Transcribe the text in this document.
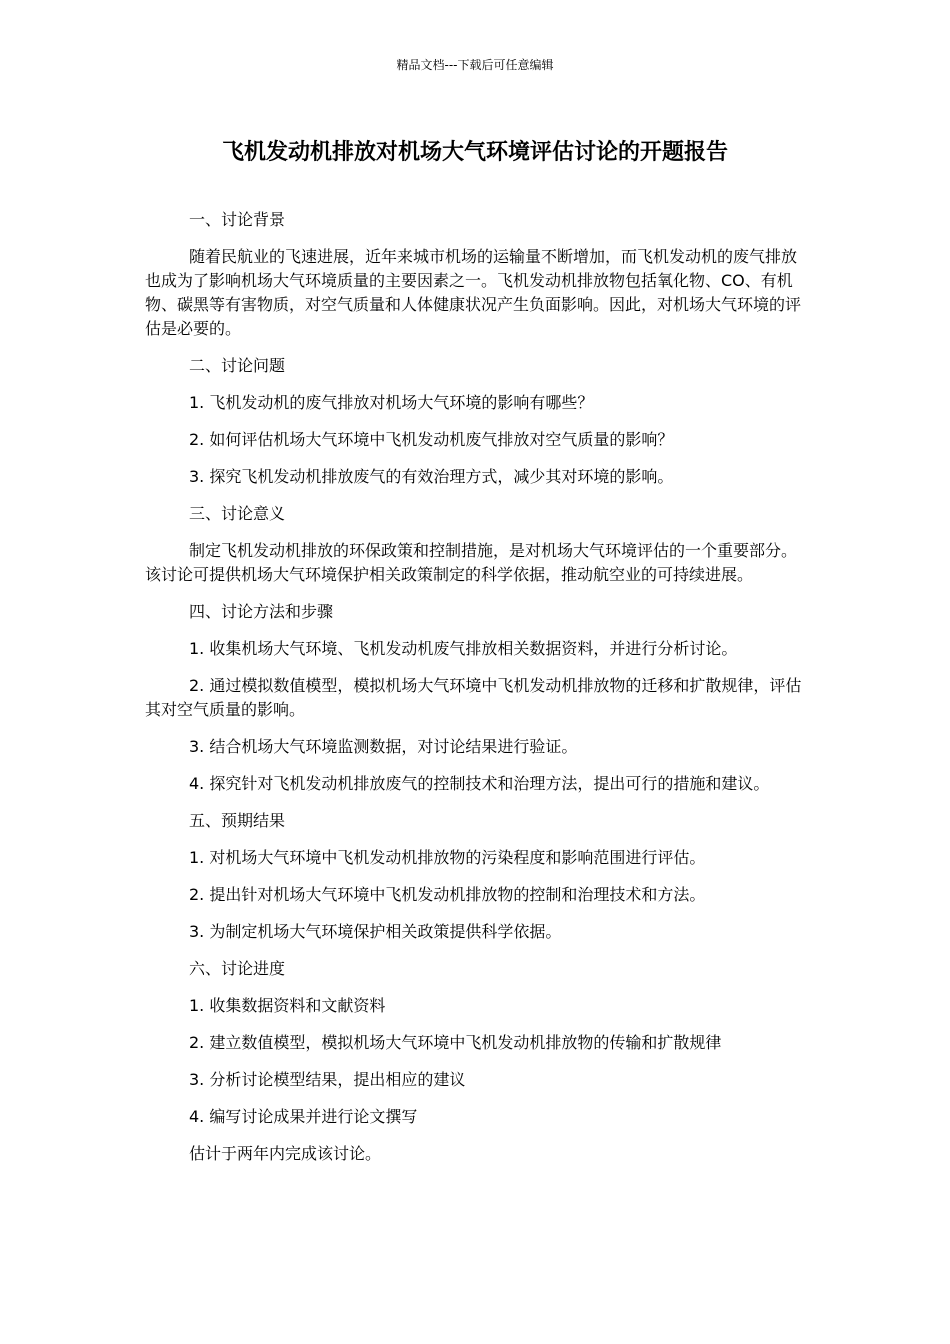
精品文档---下载后可任意编辑
飞机发动机排放对机场大气环境评估讨论的开题报告

一、讨论背景

随着民航业的飞速进展，近年来城市机场的运输量不断增加，而飞机发动机的废气排放也成为了影响机场大气环境质量的主要因素之一。飞机发动机排放物包括氧化物、CO、有机物、碳黑等有害物质，对空气质量和人体健康状况产生负面影响。因此，对机场大气环境的评估是必要的。

二、讨论问题

1. 飞机发动机的废气排放对机场大气环境的影响有哪些？

2. 如何评估机场大气环境中飞机发动机废气排放对空气质量的影响？

3. 探究飞机发动机排放废气的有效治理方式，减少其对环境的影响。

三、讨论意义

制定飞机发动机排放的环保政策和控制措施，是对机场大气环境评估的一个重要部分。该讨论可提供机场大气环境保护相关政策制定的科学依据，推动航空业的可持续进展。

四、讨论方法和步骤

1. 收集机场大气环境、飞机发动机废气排放相关数据资料，并进行分析讨论。

2. 通过模拟数值模型，模拟机场大气环境中飞机发动机排放物的迁移和扩散规律，评估其对空气质量的影响。

3. 结合机场大气环境监测数据，对讨论结果进行验证。

4. 探究针对飞机发动机排放废气的控制技术和治理方法，提出可行的措施和建议。

五、预期结果

1. 对机场大气环境中飞机发动机排放物的污染程度和影响范围进行评估。

2. 提出针对机场大气环境中飞机发动机排放物的控制和治理技术和方法。

3. 为制定机场大气环境保护相关政策提供科学依据。

六、讨论进度

1. 收集数据资料和文献资料

2. 建立数值模型，模拟机场大气环境中飞机发动机排放物的传输和扩散规律

3. 分析讨论模型结果，提出相应的建议

4. 编写讨论成果并进行论文撰写

估计于两年内完成该讨论。
